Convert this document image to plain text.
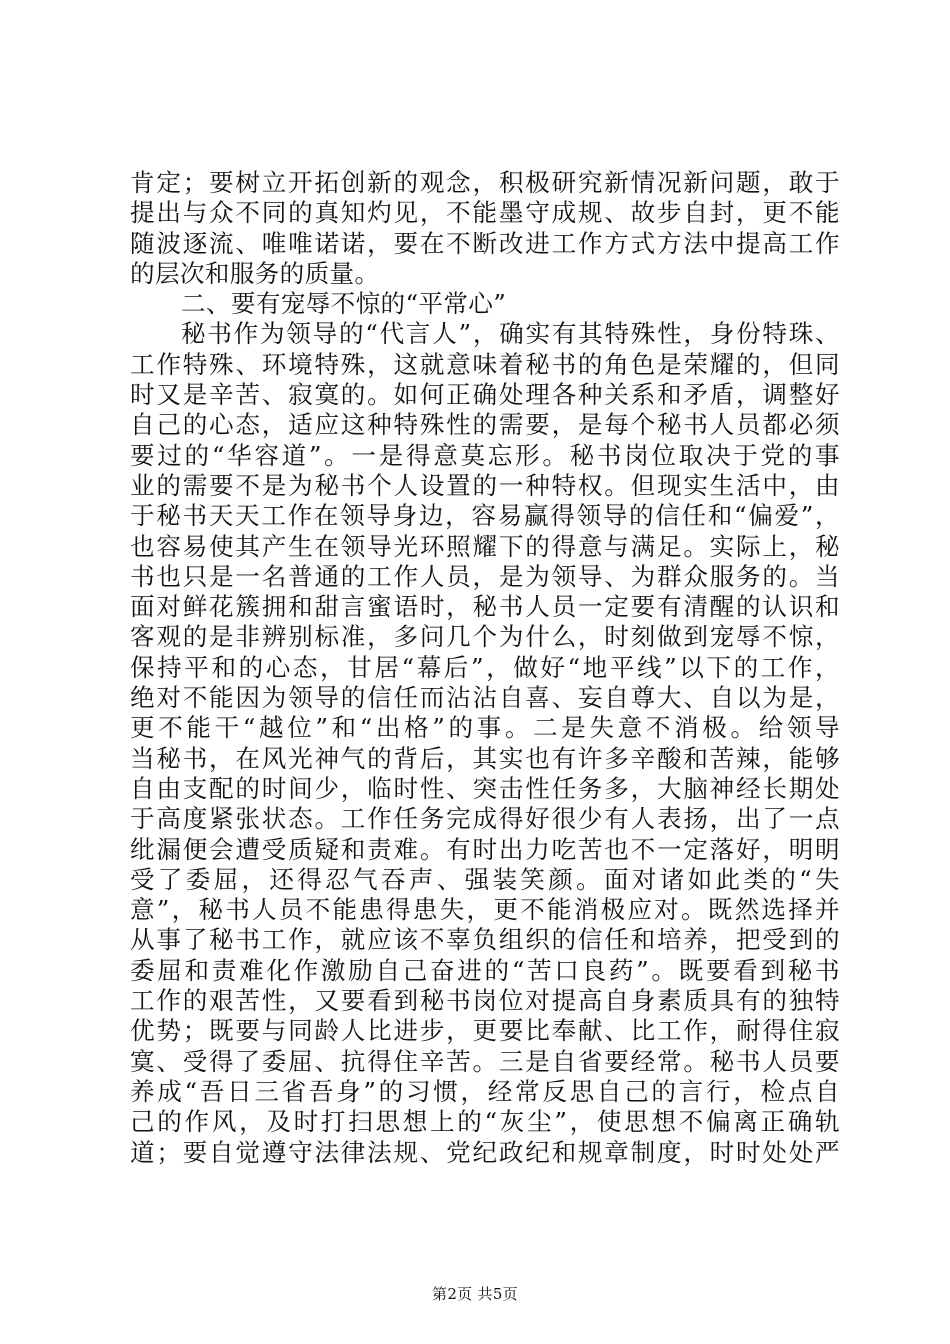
肯定；要树立开拓创新的观念，积极研究新情况新问题，敢于
提出与众不同的真知灼见，不能墨守成规、故步自封，更不能
随波逐流、唯唯诺诺，要在不断改进工作方式方法中提高工作
的层次和服务的质量。
二、要有宠辱不惊的“平常心”
秘书作为领导的“代言人”，确实有其特殊性，身份特珠、
工作特殊、环境特殊，这就意味着秘书的角色是荣耀的，但同
时又是辛苦、寂寞的。如何正确处理各种关系和矛盾，调整好
自己的心态，适应这种特殊性的需要，是每个秘书人员都必须
要过的“华容道”。一是得意莫忘形。秘书岗位取决于党的事
业的需要不是为秘书个人设置的一种特权。但现实生活中，由
于秘书天天工作在领导身边，容易赢得领导的信任和“偏爱”，
也容易使其产生在领导光环照耀下的得意与满足。实际上，秘
书也只是一名普通的工作人员，是为领导、为群众服务的。当
面对鲜花簇拥和甜言蜜语时，秘书人员一定要有清醒的认识和
客观的是非辨别标准，多问几个为什么，时刻做到宠辱不惊，
保持平和的心态，甘居“幕后”，做好“地平线”以下的工作，
绝对不能因为领导的信任而沾沾自喜、妄自尊大、自以为是，
更不能干“越位”和“出格”的事。二是失意不消极。给领导
当秘书，在风光神气的背后，其实也有许多辛酸和苦辣，能够
自由支配的时间少，临时性、突击性任务多，大脑神经长期处
于高度紧张状态。工作任务完成得好很少有人表扬，出了一点
纰漏便会遭受质疑和责难。有时出力吃苦也不一定落好，明明
受了委屈，还得忍气吞声、强装笑颜。面对诸如此类的“失
意”，秘书人员不能患得患失，更不能消极应对。既然选择并
从事了秘书工作，就应该不辜负组织的信任和培养，把受到的
委屈和责难化作激励自己奋进的“苦口良药”。既要看到秘书
工作的艰苦性，又要看到秘书岗位对提高自身素质具有的独特
优势；既要与同龄人比进步，更要比奉献、比工作，耐得住寂
寞、受得了委屈、抗得住辛苦。三是自省要经常。秘书人员要
养成“吾日三省吾身”的习惯，经常反思自己的言行，检点自
己的作风，及时打扫思想上的“灰尘”，使思想不偏离正确轨
道；要自觉遵守法律法规、党纪政纪和规章制度，时时处处严
第2页 共5页
